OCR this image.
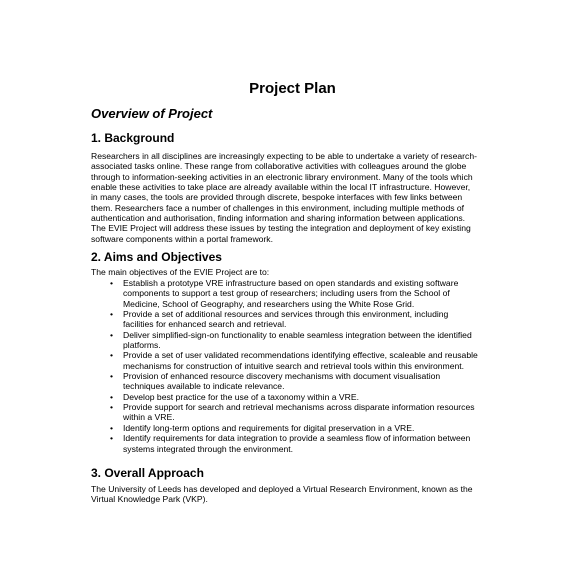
Project Plan
Overview of Project
1. Background
Researchers in all disciplines are increasingly expecting to be able to undertake a variety of research-
associated tasks online. These range from collaborative activities with colleagues around the globe
through to information-seeking activities in an electronic library environment. Many of the tools which
enable these activities to take place are already available within the local IT infrastructure. However,
in many cases, the tools are provided through discrete, bespoke interfaces with few links between
them. Researchers face a number of challenges in this environment, including multiple methods of
authentication and authorisation, finding information and sharing information between applications.
The EVIE Project will address these issues by testing the integration and deployment of key existing
software components within a portal framework.
2. Aims and Objectives
The main objectives of the EVIE Project are to:
• Establish a prototype VRE infrastructure based on open standards and existing software
components to support a test group of researchers; including users from the School of
Medicine, School of Geography, and researchers using the White Rose Grid.
• Provide a set of additional resources and services through this environment, including
facilities for enhanced search and retrieval.
• Deliver simplified-sign-on functionality to enable seamless integration between the identified
platforms.
• Provide a set of user validated recommendations identifying effective, scaleable and reusable
mechanisms for construction of intuitive search and retrieval tools within this environment.
• Provision of enhanced resource discovery mechanisms with document visualisation
techniques available to indicate relevance.
• Develop best practice for the use of a taxonomy within a VRE.
• Provide support for search and retrieval mechanisms across disparate information resources
within a VRE.
• Identify long-term options and requirements for digital preservation in a VRE.
• Identify requirements for data integration to provide a seamless flow of information between
systems integrated through the environment.
3. Overall Approach
The University of Leeds has developed and deployed a Virtual Research Environment, known as the
Virtual Knowledge Park (VKP).
